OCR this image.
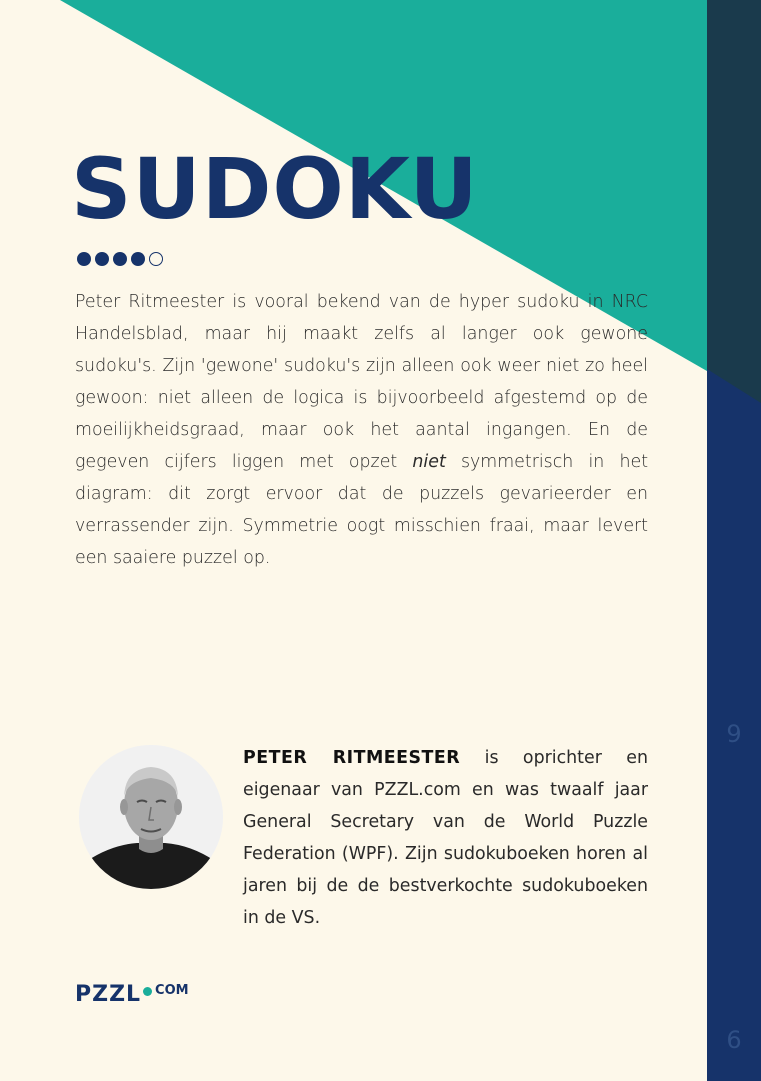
9
6
SUDOKU

Peter Ritmeester is vooral bekend van de hyper sudoku in NRC Handelsblad, maar hij maakt zelfs al langer ook gewone sudoku's. Zijn 'gewone' sudoku's zijn alleen ook weer niet zo heel gewoon: niet alleen de logica is bijvoorbeeld afgestemd op de moeilijkheidsgraad, maar ook het aantal ingangen. En de gegeven cijfers liggen met opzet niet symmetrisch in het diagram: dit zorgt ervoor dat de puzzels gevarieerder en verrassender zijn. Symmetrie oogt misschien fraai, maar levert een saaiere puzzel op.

PETER RITMEESTER is oprichter en eigenaar van PZZL.com en was twaalf jaar General Secretary van de World Puzzle Federation (WPF). Zijn sudokuboeken horen al jaren bij de de bestverkochte sudokuboeken in de VS.

PZZL COM
